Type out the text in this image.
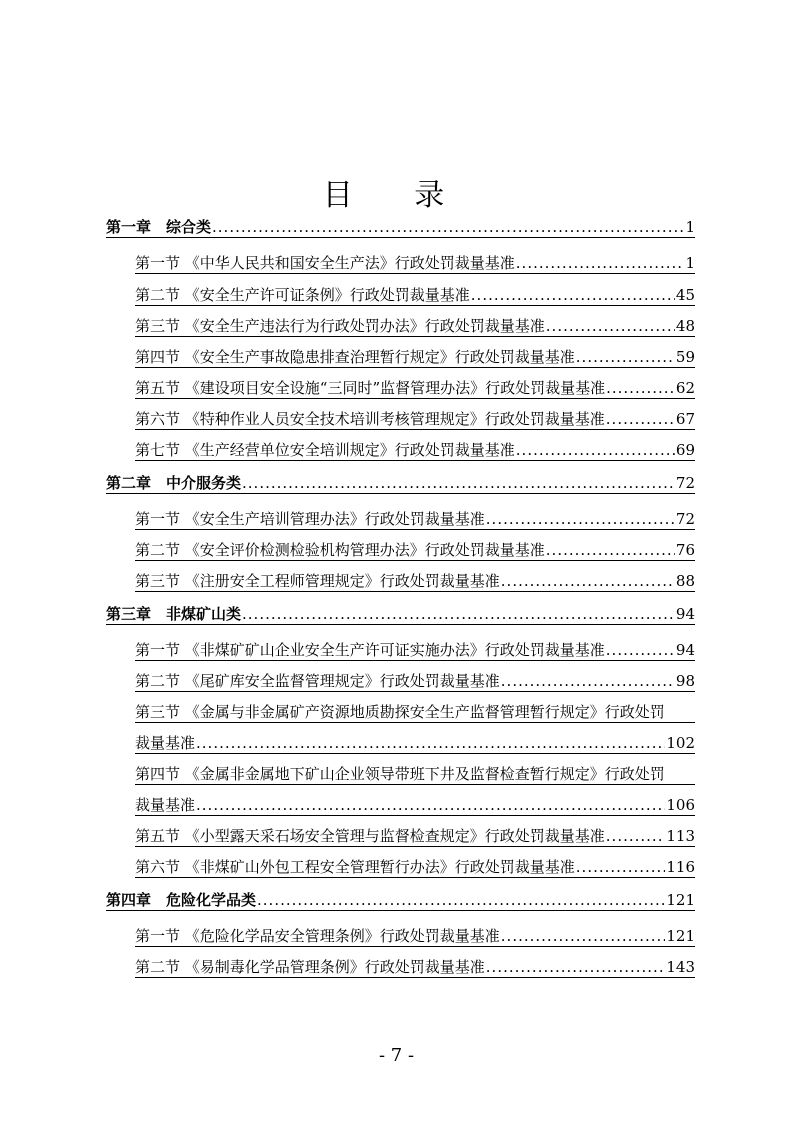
目 录
第一章　综合类 .....	1
第一节 《中华人民共和国安全生产法》行政处罚裁量基准 .....	1
第二节 《安全生产许可证条例》行政处罚裁量基准 .....	45
第三节 《安全生产违法行为行政处罚办法》行政处罚裁量基准 .....	48
第四节 《安全生产事故隐患排查治理暂行规定》行政处罚裁量基准 .....	59
第五节 《建设项目安全设施“三同时”监督管理办法》行政处罚裁量基准 .....	62
第六节 《特种作业人员安全技术培训考核管理规定》行政处罚裁量基准 .....	67
第七节 《生产经营单位安全培训规定》行政处罚裁量基准 .....	69
第二章　中介服务类 .....	72
第一节 《安全生产培训管理办法》行政处罚裁量基准 .....	72
第二节 《安全评价检测检验机构管理办法》行政处罚裁量基准 .....	76
第三节 《注册安全工程师管理规定》行政处罚裁量基准 .....	88
第三章　非煤矿山类 .....	94
第一节 《非煤矿矿山企业安全生产许可证实施办法》行政处罚裁量基准 .....	94
第二节 《尾矿库安全监督管理规定》行政处罚裁量基准 .....	98
第三节 《金属与非金属矿产资源地质勘探安全生产监督管理暂行规定》行政处罚
裁量基准 .....	102
第四节 《金属非金属地下矿山企业领导带班下井及监督检查暂行规定》行政处罚
裁量基准 .....	106
第五节 《小型露天采石场安全管理与监督检查规定》行政处罚裁量基准 .....	113
第六节 《非煤矿山外包工程安全管理暂行办法》行政处罚裁量基准 .....	116
第四章　危险化学品类 .....	121
第一节 《危险化学品安全管理条例》行政处罚裁量基准 .....	121
第二节 《易制毒化学品管理条例》行政处罚裁量基准 .....	143
- 7 -
